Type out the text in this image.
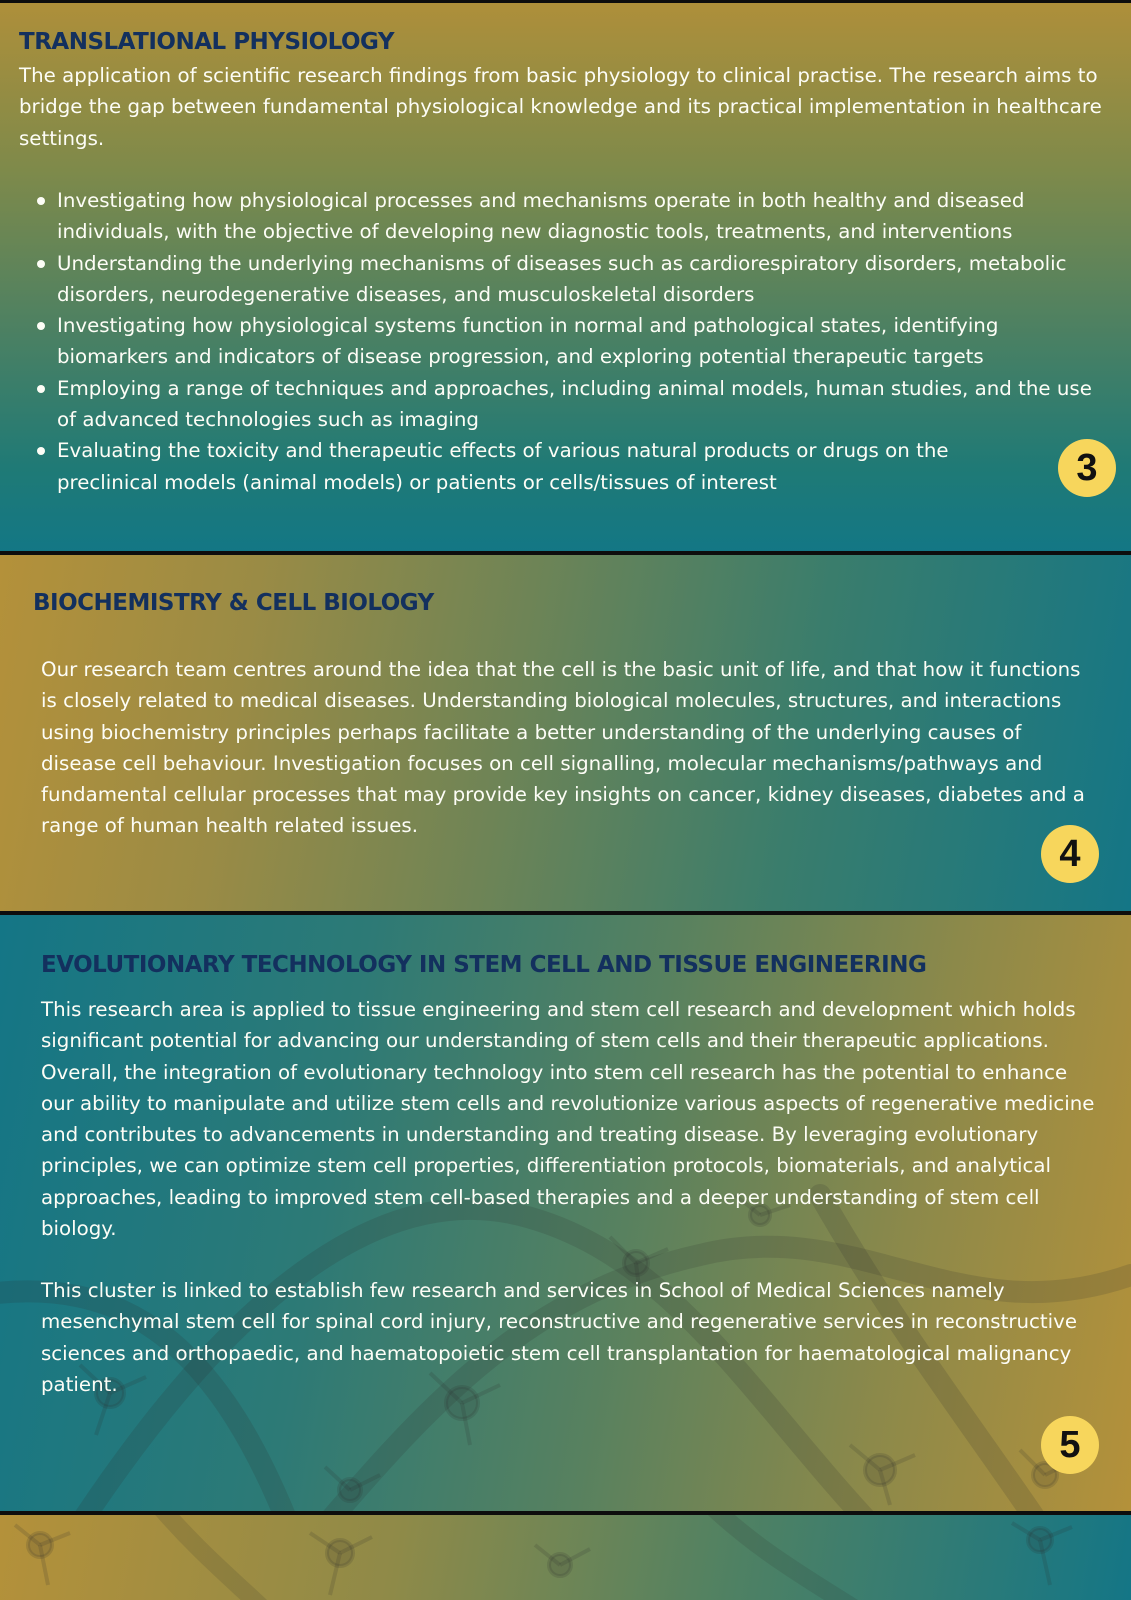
TRANSLATIONAL PHYSIOLOGY

The application of scientific research findings from basic physiology to clinical practise. The research aims to bridge the gap between fundamental physiological knowledge and its practical implementation in healthcare settings.

Investigating how physiological processes and mechanisms operate in both healthy and diseased individuals, with the objective of developing new diagnostic tools, treatments, and interventions
Understanding the underlying mechanisms of diseases such as cardiorespiratory disorders, metabolic disorders, neurodegenerative diseases, and musculoskeletal disorders
Investigating how physiological systems function in normal and pathological states, identifying biomarkers and indicators of disease progression, and exploring potential therapeutic targets
Employing a range of techniques and approaches, including animal models, human studies, and the use of advanced technologies such as imaging
Evaluating the toxicity and therapeutic effects of various natural products or drugs on the preclinical models (animal models) or patients or cells/tissues of interest	3
BIOCHEMISTRY & CELL BIOLOGY

Our research team centres around the idea that the cell is the basic unit of life, and that how it functions is closely related to medical diseases. Understanding biological molecules, structures, and interactions using biochemistry principles perhaps facilitate a better understanding of the underlying causes of disease cell behaviour. Investigation focuses on cell signalling, molecular mechanisms/pathways and fundamental cellular processes that may provide key insights on cancer, kidney diseases, diabetes and a range of human health related issues.

4
EVOLUTIONARY TECHNOLOGY IN STEM CELL AND TISSUE ENGINEERING

This research area is applied to tissue engineering and stem cell research and development which holds significant potential for advancing our understanding of stem cells and their therapeutic applications. Overall, the integration of evolutionary technology into stem cell research has the potential to enhance our ability to manipulate and utilize stem cells and revolutionize various aspects of regenerative medicine and contributes to advancements in understanding and treating disease. By leveraging evolutionary principles, we can optimize stem cell properties, differentiation protocols, biomaterials, and analytical approaches, leading to improved stem cell-based therapies and a deeper understanding of stem cell biology.

This cluster is linked to establish few research and services in School of Medical Sciences namely mesenchymal stem cell for spinal cord injury, reconstructive and regenerative services in reconstructive sciences and orthopaedic, and haematopoietic stem cell transplantation for haematological malignancy patient.

5
